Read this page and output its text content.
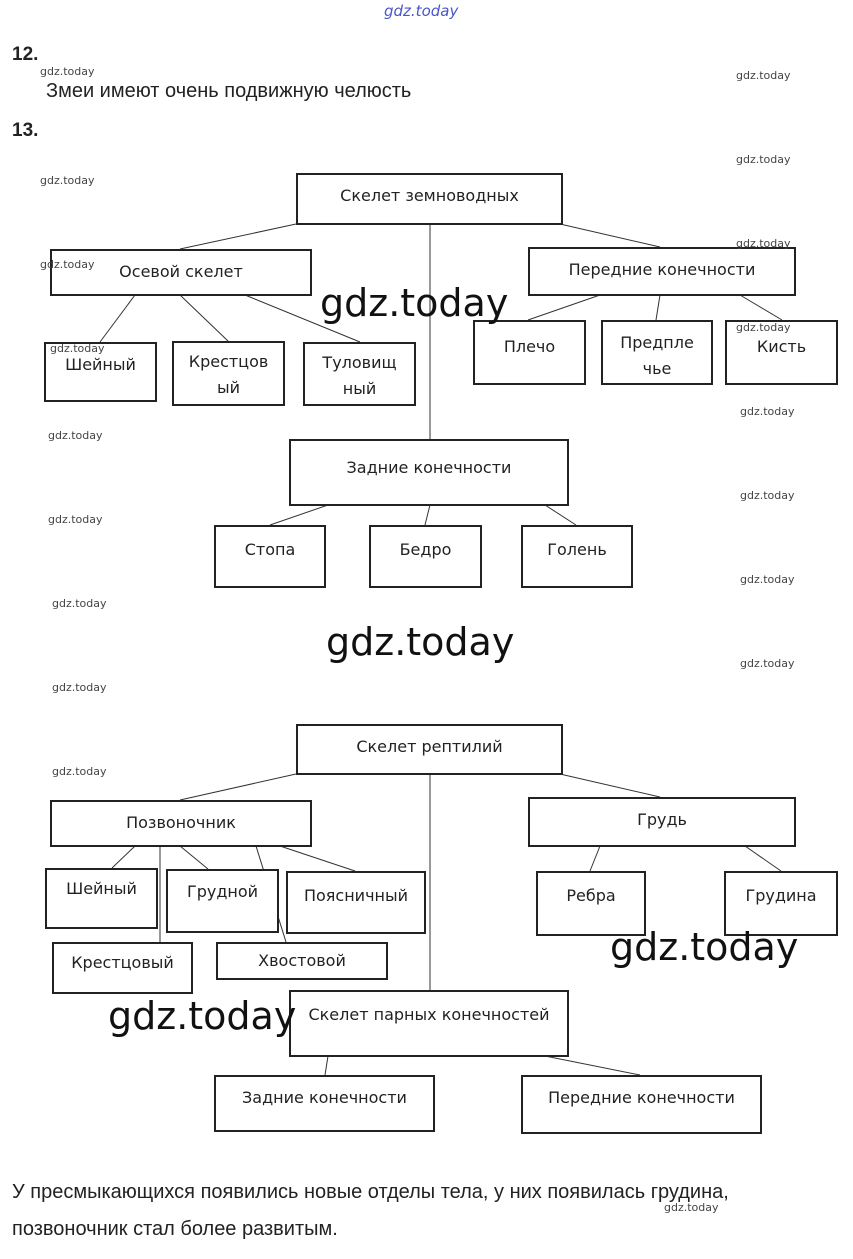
gdz.today
12.
Змеи имеют очень подвижную челюсть
13.
Скелет земноводных
Осевой скелет	Передние конечности
Шейный	Крестцов ый
Туловищ ный
Плечо	Предпле чье
Кисть
Задние конечности
Стопа	Бедро	Голень
Скелет рептилий
Позвоночник	Грудь
Шейный	Грудной	Поясничный
Крестцовый	Хвостовой
Ребра	Грудина
Скелет парных конечностей
Задние конечности	Передние конечности
У пресмыкающихся появились новые отделы тела, у них появилась грудина,
позвоночник стал более развитым.
gdz.today	gdz.today
gdz.today
gdz.today
gdz.today
gdz.today
gdz.today
gdz.today
gdz.today
gdz.today
gdz.today
gdz.today
gdz.today
gdz.today
gdz.today
gdz.today
gdz.today
gdz.today
gdz.today
gdz.today
gdz.today
gdz.today
